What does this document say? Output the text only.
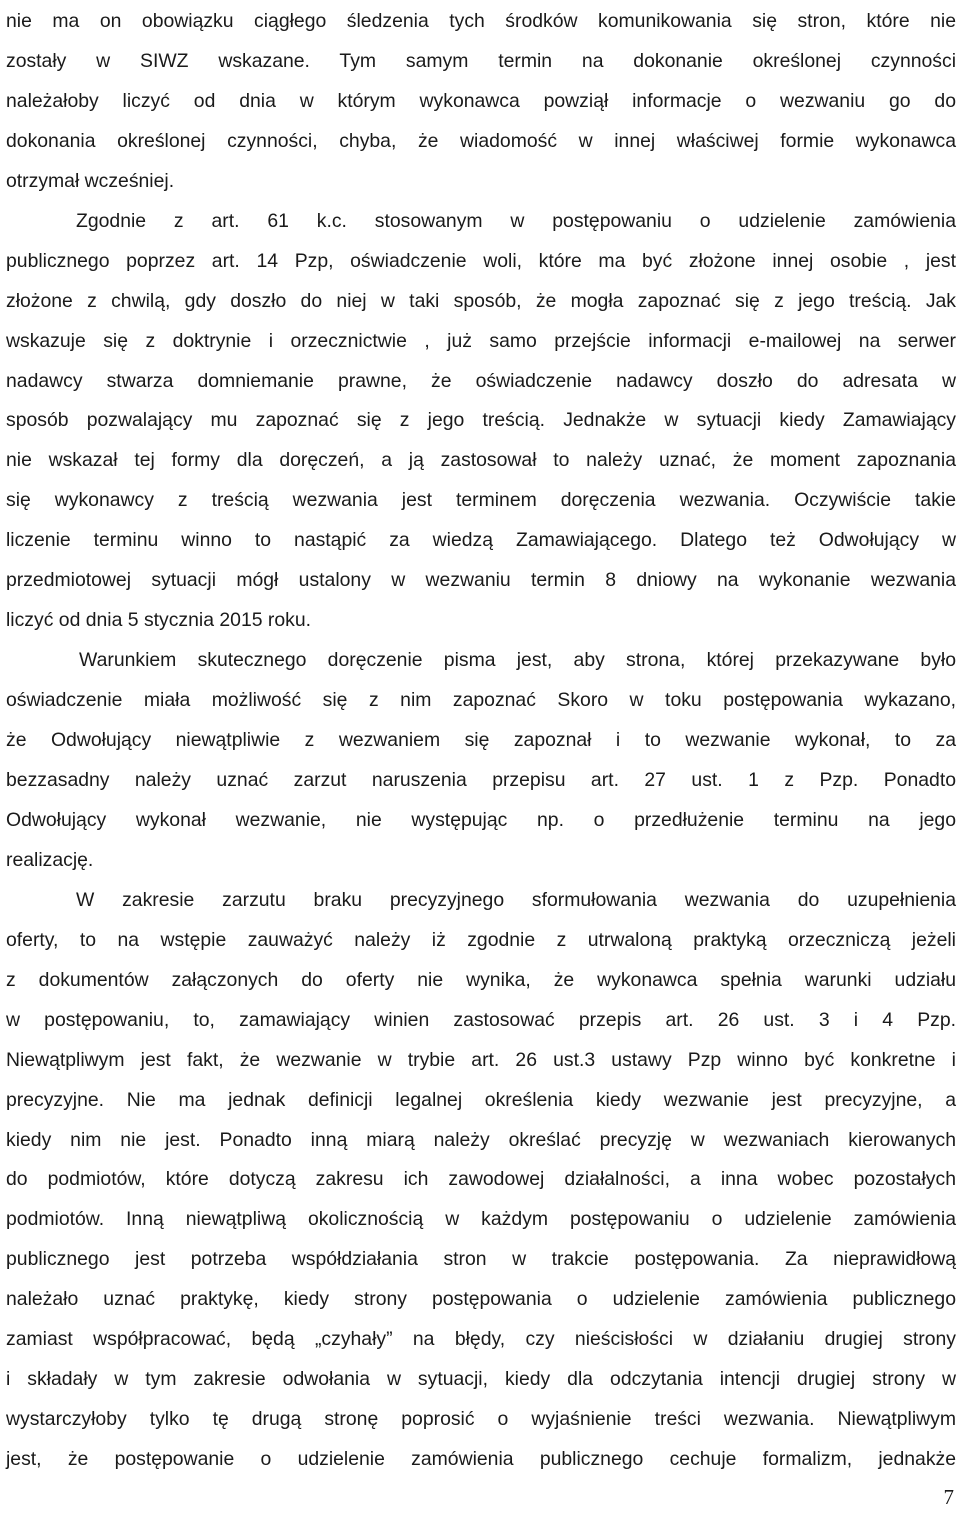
nie ma on obowiązku ciągłego śledzenia tych środków komunikowania się stron, które nie
zostały w SIWZ wskazane. Tym samym termin na dokonanie określonej czynności
należałoby liczyć od dnia w którym wykonawca powziął informacje o wezwaniu go do
dokonania określonej czynności, chyba, że wiadomość w innej właściwej formie wykonawca
otrzymał wcześniej.
Zgodnie z art. 61 k.c. stosowanym w postępowaniu o udzielenie zamówienia
publicznego poprzez art. 14 Pzp, oświadczenie woli, które ma być złożone innej osobie , jest
złożone z chwilą, gdy doszło do niej w taki sposób, że mogła zapoznać się z jego treścią. Jak
wskazuje się z doktrynie i orzecznictwie , już samo przejście informacji e-mailowej na serwer
nadawcy stwarza domniemanie prawne, że oświadczenie nadawcy doszło do adresata w
sposób pozwalający mu zapoznać się z jego treścią. Jednakże w sytuacji kiedy Zamawiający
nie wskazał tej formy dla doręczeń, a ją zastosował to należy uznać, że moment zapoznania
się wykonawcy z treścią wezwania jest terminem doręczenia wezwania. Oczywiście takie
liczenie terminu winno to nastąpić za wiedzą Zamawiającego. Dlatego też Odwołujący w
przedmiotowej sytuacji mógł ustalony w wezwaniu termin 8 dniowy na wykonanie wezwania
liczyć od dnia 5 stycznia 2015 roku.
Warunkiem skutecznego doręczenie pisma jest, aby strona, której przekazywane było
oświadczenie miała możliwość się z nim zapoznać Skoro w toku postępowania wykazano,
że Odwołujący niewątpliwie z wezwaniem się zapoznał i to wezwanie wykonał, to za
bezzasadny należy uznać zarzut naruszenia przepisu art. 27 ust. 1 z Pzp. Ponadto
Odwołujący wykonał wezwanie, nie występując np. o przedłużenie terminu na jego
realizację.
W zakresie zarzutu braku precyzyjnego sformułowania wezwania do uzupełnienia
oferty, to na wstępie zauważyć należy iż zgodnie z utrwaloną praktyką orzeczniczą jeżeli
z dokumentów załączonych do oferty nie wynika, że wykonawca spełnia warunki udziału
w postępowaniu, to, zamawiający winien zastosować przepis art. 26 ust. 3 i 4 Pzp.
Niewątpliwym jest fakt, że wezwanie w trybie art. 26 ust.3 ustawy Pzp winno być konkretne i
precyzyjne. Nie ma jednak definicji legalnej określenia kiedy wezwanie jest precyzyjne, a
kiedy nim nie jest. Ponadto inną miarą należy określać precyzję w wezwaniach kierowanych
do podmiotów, które dotyczą zakresu ich zawodowej działalności, a inna wobec pozostałych
podmiotów. Inną niewątpliwą okolicznością w każdym postępowaniu o udzielenie zamówienia
publicznego jest potrzeba współdziałania stron w trakcie postępowania. Za nieprawidłową
należało uznać praktykę, kiedy strony postępowania o udzielenie zamówienia publicznego
zamiast współpracować, będą „czyhały” na błędy, czy nieścisłości w działaniu drugiej strony
i składały w tym zakresie odwołania w sytuacji, kiedy dla odczytania intencji drugiej strony w
wystarczyłoby tylko tę drugą stronę poprosić o wyjaśnienie treści wezwania. Niewątpliwym
jest, że postępowanie o udzielenie zamówienia publicznego cechuje formalizm, jednakże
7
